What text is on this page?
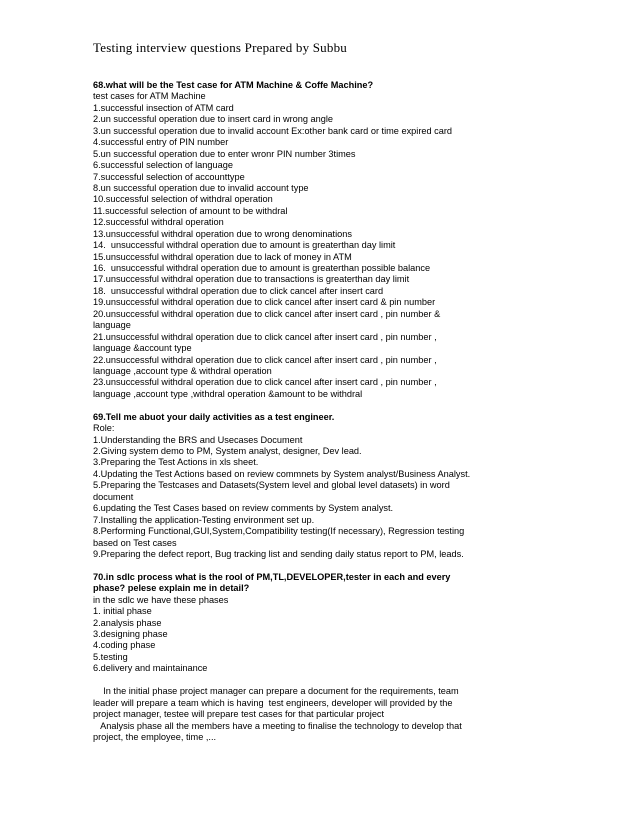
Testing interview questions Prepared by Subbu
68.what will be the Test case for ATM Machine & Coffe Machine?
test cases for ATM Machine
1.successful insection of ATM card
2.un successful operation due to insert card in wrong angle
3.un successful operation due to invalid account Ex:other bank card or time expired card
4.successful entry of PIN number
5.un successful operation due to enter wronr PIN number 3times
6.successful selection of language
7.successful selection of accounttype
8.un successful operation due to invalid account type
10.successful selection of withdral operation
11.successful selection of amount to be withdral
12.successful withdral operation
13.unsuccessful withdral operation due to wrong denominations
14.  unsuccessful withdral operation due to amount is greaterthan day limit
15.unsuccessful withdral operation due to lack of money in ATM
16.  unsuccessful withdral operation due to amount is greaterthan possible balance
17.unsuccessful withdral operation due to transactions is greaterthan day limit
18.  unsuccessful withdral operation due to click cancel after insert card
19.unsuccessful withdral operation due to click cancel after insert card & pin number
20.unsuccessful withdral operation due to click cancel after insert card , pin number &
language
21.unsuccessful withdral operation due to click cancel after insert card , pin number ,
language &account type
22.unsuccessful withdral operation due to click cancel after insert card , pin number ,
language ,account type & withdral operation
23.unsuccessful withdral operation due to click cancel after insert card , pin number ,
language ,account type ,withdral operation &amount to be withdral
69.Tell me abuot your daily activities as a test engineer.
Role:
1.Understanding the BRS and Usecases Document
2.Giving system demo to PM, System analyst, designer, Dev lead.
3.Preparing the Test Actions in xls sheet.
4.Updating the Test Actions based on review commnets by System analyst/Business Analyst.
5.Preparing the Testcases and Datasets(System level and global level datasets) in word
document
6.updating the Test Cases based on review comments by System analyst.
7.Installing the application-Testing environment set up.
8.Performing Functional,GUI,System,Compatibility testing(If necessary), Regression testing
based on Test cases
9.Preparing the defect report, Bug tracking list and sending daily status report to PM, leads.
70.in sdlc process what is the rool of PM,TL,DEVELOPER,tester in each and every
phase? pelese explain me in detail?
in the sdlc we have these phases
1. initial phase
2.analysis phase
3.designing phase
4.coding phase
5.testing
6.delivery and maintainance
In the initial phase project manager can prepare a document for the requirements, team
leader will prepare a team which is having  test engineers, developer will provided by the
project manager, testee will prepare test cases for that particular project
Analysis phase all the members have a meeting to finalise the technology to develop that
project, the employee, time ,...
